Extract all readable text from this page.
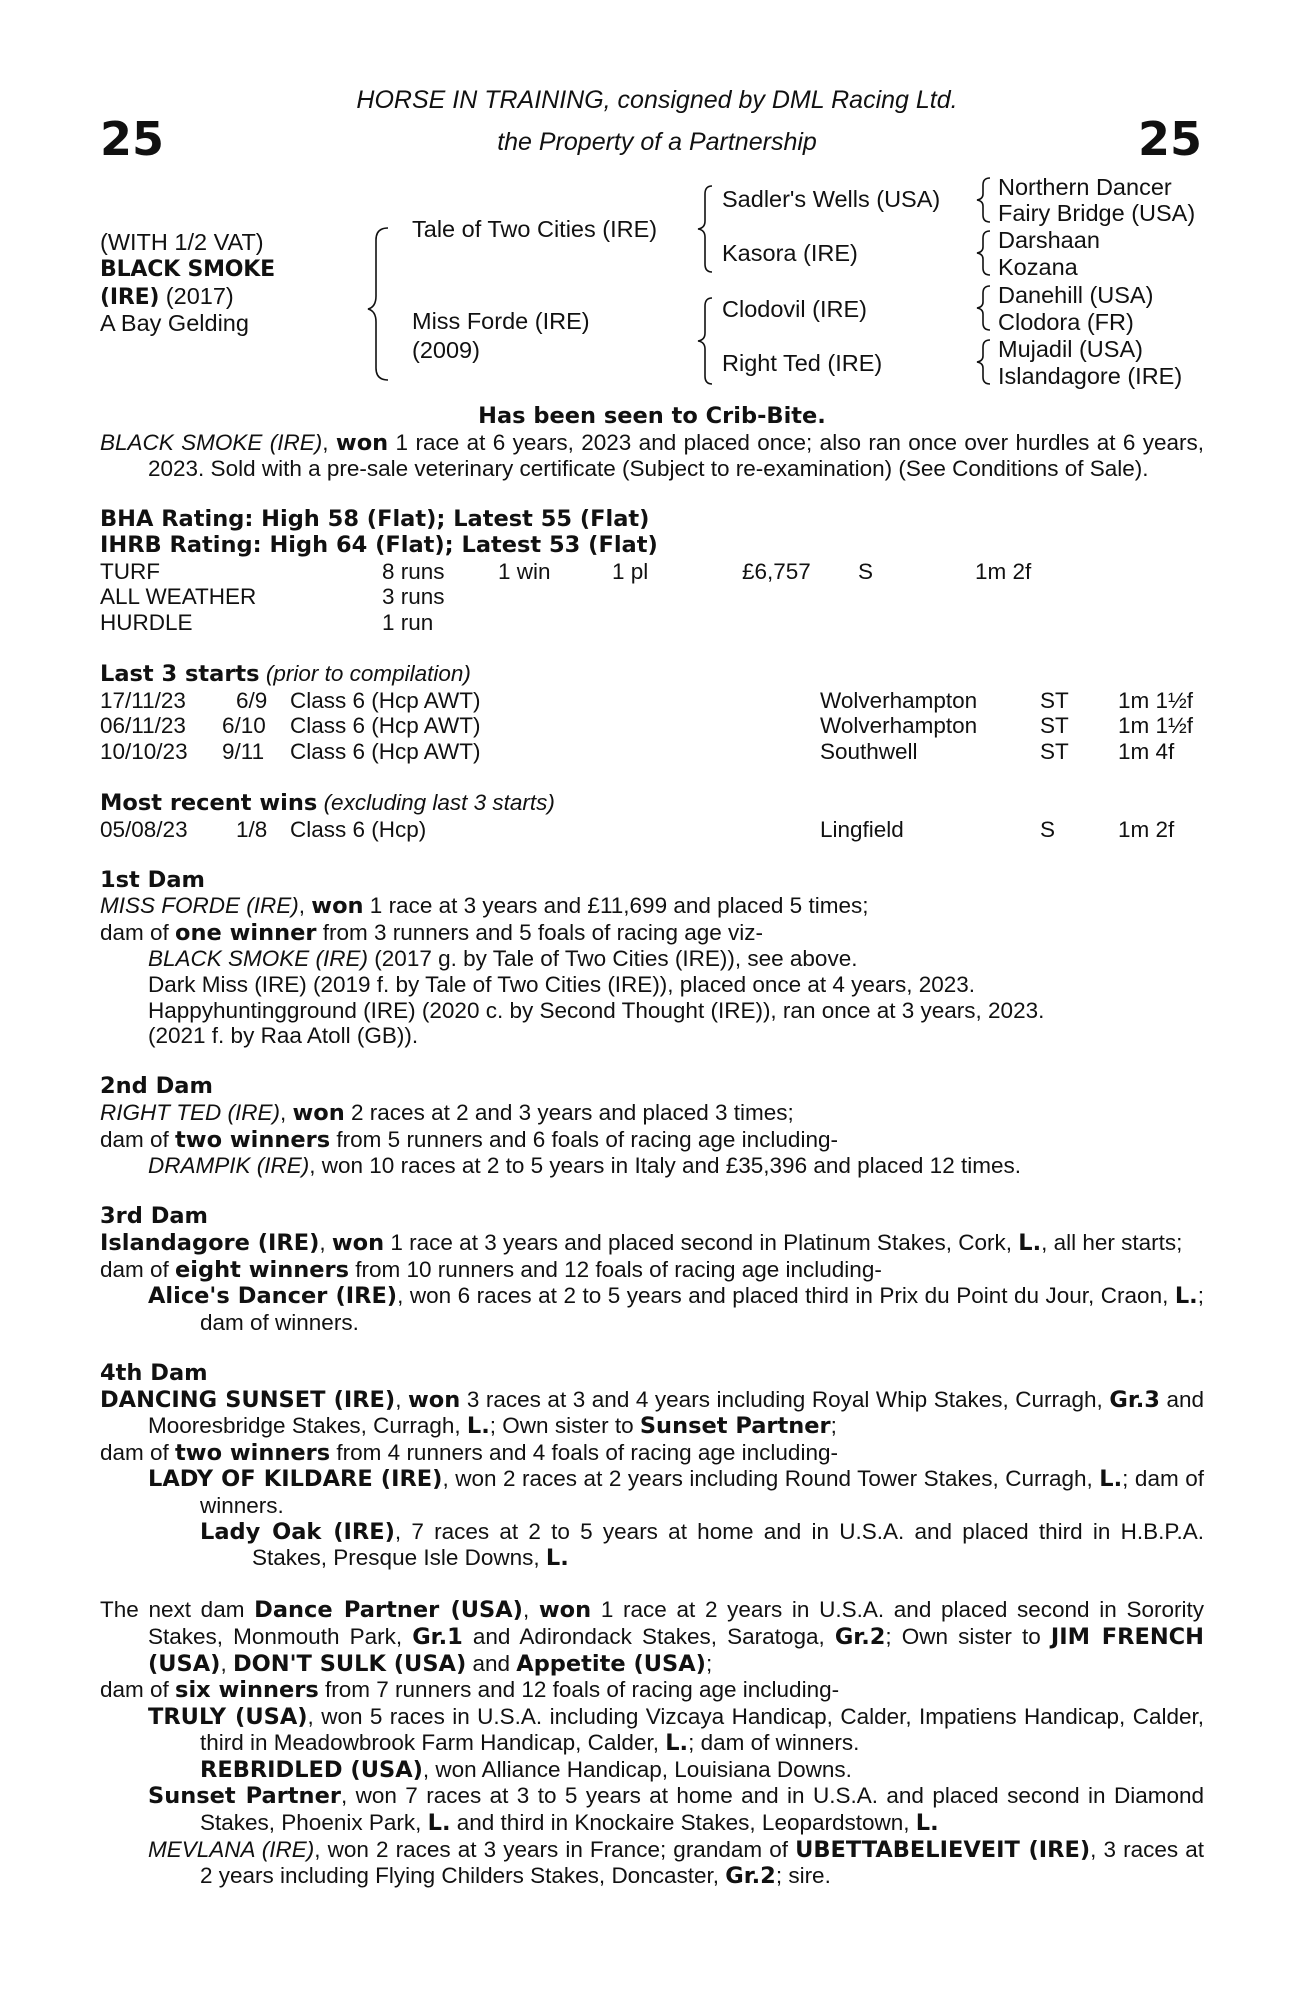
25	25
HORSE IN TRAINING, consigned by DML Racing Ltd.
the Property of a Partnership
(WITH 1/2 VAT)
BLACK SMOKE
(IRE) (2017)
A Bay Gelding
Tale of Two Cities (IRE)
Miss Forde (IRE)
(2009)
Sadler's Wells (USA)
Kasora (IRE)
Clodovil (IRE)
Right Ted (IRE)
Northern Dancer
Fairy Bridge (USA)
Darshaan
Kozana
Danehill (USA)
Clodora (FR)
Mujadil (USA)
Islandagore (IRE)

Has been seen to Crib-Bite.

BLACK SMOKE (IRE), won 1 race at 6 years, 2023 and placed once; also ran once over hurdles at 6 years, 2023. Sold with a pre-sale veterinary certificate (Subject to re-examination) (See Conditions of Sale).

BHA Rating: High 58 (Flat); Latest 55 (Flat)

IHRB Rating: High 64 (Flat); Latest 53 (Flat)

TURF	8 runs 1 win	1 pl	£6,757 S	1m 2f
ALL WEATHER	3 runs
HURDLE	1 run

Last 3 starts (prior to compilation)

17/11/23 6/9 Class 6 (Hcp AWT)	Wolverhampton	ST 1m 1½f
06/11/23 6/10 Class 6 (Hcp AWT)	Wolverhampton	ST 1m 1½f
10/10/23 9/11 Class 6 (Hcp AWT)	Southwell	ST 1m 4f

Most recent wins (excluding last 3 starts)

05/08/23 1/8 Class 6 (Hcp)	Lingfield	S	1m 2f

1st Dam

MISS FORDE (IRE), won 1 race at 3 years and £11,699 and placed 5 times;

dam of one winner from 3 runners and 5 foals of racing age viz-

BLACK SMOKE (IRE) (2017 g. by Tale of Two Cities (IRE)), see above.

Dark Miss (IRE) (2019 f. by Tale of Two Cities (IRE)), placed once at 4 years, 2023.

Happyhuntingground (IRE) (2020 c. by Second Thought (IRE)), ran once at 3 years, 2023.

(2021 f. by Raa Atoll (GB)).

2nd Dam

RIGHT TED (IRE), won 2 races at 2 and 3 years and placed 3 times;

dam of two winners from 5 runners and 6 foals of racing age including-

DRAMPIK (IRE), won 10 races at 2 to 5 years in Italy and £35,396 and placed 12 times.

3rd Dam

Islandagore (IRE), won 1 race at 3 years and placed second in Platinum Stakes, Cork, L., all her starts;

dam of eight winners from 10 runners and 12 foals of racing age including-

Alice's Dancer (IRE), won 6 races at 2 to 5 years and placed third in Prix du Point du Jour, Craon, L.; dam of winners.

4th Dam

DANCING SUNSET (IRE), won 3 races at 3 and 4 years including Royal Whip Stakes, Curragh, Gr.3 and Mooresbridge Stakes, Curragh, L.; Own sister to Sunset Partner;

dam of two winners from 4 runners and 4 foals of racing age including-

LADY OF KILDARE (IRE), won 2 races at 2 years including Round Tower Stakes, Curragh, L.; dam of winners.

Lady Oak (IRE), 7 races at 2 to 5 years at home and in U.S.A. and placed third in H.B.P.A. Stakes, Presque Isle Downs, L.

The next dam Dance Partner (USA), won 1 race at 2 years in U.S.A. and placed second in Sorority Stakes, Monmouth Park, Gr.1 and Adirondack Stakes, Saratoga, Gr.2; Own sister to JIM FRENCH (USA), DON'T SULK (USA) and Appetite (USA);

dam of six winners from 7 runners and 12 foals of racing age including-

TRULY (USA), won 5 races in U.S.A. including Vizcaya Handicap, Calder, Impatiens Handicap, Calder, third in Meadowbrook Farm Handicap, Calder, L.; dam of winners.

REBRIDLED (USA), won Alliance Handicap, Louisiana Downs.

Sunset Partner, won 7 races at 3 to 5 years at home and in U.S.A. and placed second in Diamond Stakes, Phoenix Park, L. and third in Knockaire Stakes, Leopardstown, L.

MEVLANA (IRE), won 2 races at 3 years in France; grandam of UBETTABELIEVEIT (IRE), 3 races at 2 years including Flying Childers Stakes, Doncaster, Gr.2; sire.
